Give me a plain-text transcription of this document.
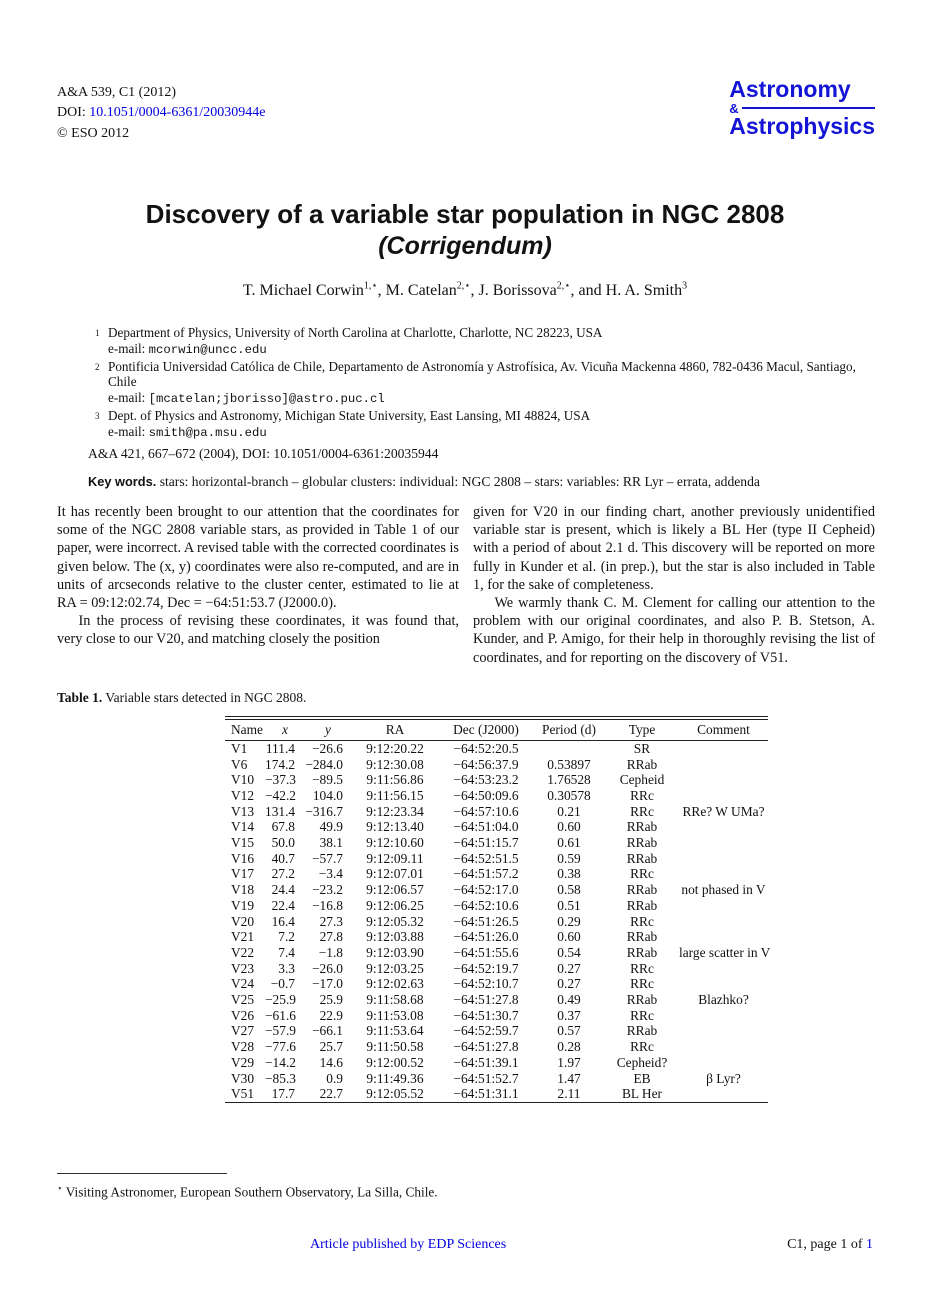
A&A 539, C1 (2012)
DOI: 10.1051/0004-6361/20030944e
© ESO 2012
Astronomy
&
Astrophysics
Discovery of a variable star population in NGC 2808
(Corrigendum)
T. Michael Corwin$^{1,⋆}$, M. Catelan$^{2,⋆}$, J. Borissova$^{2,⋆}$, and H. A. Smith$^3$
1 Department of Physics, University of North Carolina at Charlotte, Charlotte, NC 28223, USA
e-mail: mcorwin@uncc.edu
2 Pontificia Universidad Católica de Chile, Departamento de Astronomía y Astrofísica, Av. Vicuña Mackenna 4860, 782-0436 Macul, Santiago, Chile
e-mail: [mcatelan;jborisso]@astro.puc.cl
3 Dept. of Physics and Astronomy, Michigan State University, East Lansing, MI 48824, USA
e-mail: smith@pa.msu.edu
A&A 421, 667–672 (2004), DOI: 10.1051/0004-6361:20035944
Key words. stars: horizontal-branch – globular clusters: individual: NGC 2808 – stars: variables: RR Lyr – errata, addenda

It has recently been brought to our attention that the coordinates for some of the NGC 2808 variable stars, as provided in Table 1 of our paper, were incorrect. A revised table with the corrected coordinates is given below. The (x, y) coordinates were also re-computed, and are in units of arcseconds relative to the cluster center, estimated to lie at RA = 09:12:02.74, Dec = −64:51:53.7 (J2000.0).

In the process of revising these coordinates, it was found that, very close to our V20, and matching closely the position

given for V20 in our finding chart, another previously unidentified variable star is present, which is likely a BL Her (type II Cepheid) with a period of about 2.1 d. This discovery will be reported on more fully in Kunder et al. (in prep.), but the star is also included in Table 1, for the sake of completeness.

We warmly thank C. M. Clement for calling our attention to the problem with our original coordinates, and also P. B. Stetson, A. Kunder, and P. Amigo, for their help in thoroughly revising the list of coordinates, and for reporting on the discovery of V51.

Table 1. Variable stars detected in NGC 2808.
Name	x	y	RA	Dec (J2000)	Period (d)	Type	Comment
V1	111.4	−26.6	9:12:20.22	−64:52:20.5		SR	
V6	174.2	−284.0	9:12:30.08	−64:56:37.9	0.53897	RRab	
V10	−37.3	−89.5	9:11:56.86	−64:53:23.2	1.76528	Cepheid	
V12	−42.2	104.0	9:11:56.15	−64:50:09.6	0.30578	RRc	
V13	131.4	−316.7	9:12:23.34	−64:57:10.6	0.21	RRc	RRe? W UMa?
V14	67.8	49.9	9:12:13.40	−64:51:04.0	0.60	RRab	
V15	50.0	38.1	9:12:10.60	−64:51:15.7	0.61	RRab	
V16	40.7	−57.7	9:12:09.11	−64:52:51.5	0.59	RRab	
V17	27.2	−3.4	9:12:07.01	−64:51:57.2	0.38	RRc	
V18	24.4	−23.2	9:12:06.57	−64:52:17.0	0.58	RRab	not phased in V
V19	22.4	−16.8	9:12:06.25	−64:52:10.6	0.51	RRab	
V20	16.4	27.3	9:12:05.32	−64:51:26.5	0.29	RRc	
V21	7.2	27.8	9:12:03.88	−64:51:26.0	0.60	RRab	
V22	7.4	−1.8	9:12:03.90	−64:51:55.6	0.54	RRab	large scatter in V
V23	3.3	−26.0	9:12:03.25	−64:52:19.7	0.27	RRc	
V24	−0.7	−17.0	9:12:02.63	−64:52:10.7	0.27	RRc	
V25	−25.9	25.9	9:11:58.68	−64:51:27.8	0.49	RRab	Blazhko?
V26	−61.6	22.9	9:11:53.08	−64:51:30.7	0.37	RRc	
V27	−57.9	−66.1	9:11:53.64	−64:52:59.7	0.57	RRab	
V28	−77.6	25.7	9:11:50.58	−64:51:27.8	0.28	RRc	
V29	−14.2	14.6	9:12:00.52	−64:51:39.1	1.97	Cepheid?	
V30	−85.3	0.9	9:11:49.36	−64:51:52.7	1.47	EB	β Lyr?
V51	17.7	22.7	9:12:05.52	−64:51:31.1	2.11	BL Her	
⋆ Visiting Astronomer, European Southern Observatory, La Silla, Chile.
Article published by EDP Sciences	C1, page 1 of 1
